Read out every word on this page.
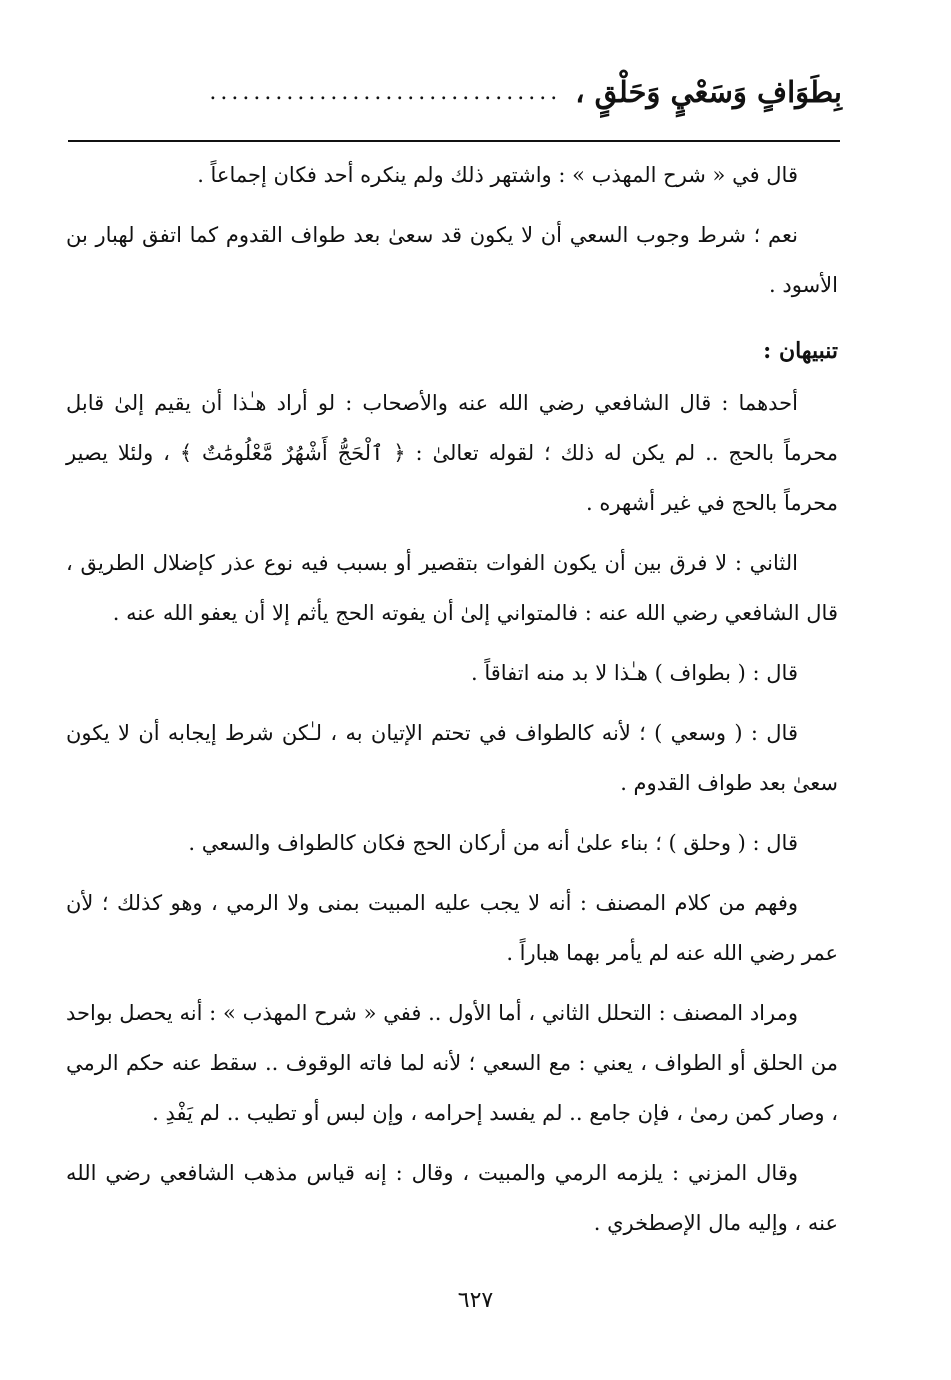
بِطَوَافٍ وَسَعْيٍ وَحَلْقٍ ،
................................

قال في « شرح المهذب » : واشتهر ذلك ولم ينكره أحد فكان إجماعاً .

نعم ؛ شرط وجوب السعي أن لا يكون قد سعىٰ بعد طواف القدوم كما اتفق لهبار بن الأسود .

تنبيهان :

أحدهما : قال الشافعي رضي الله عنه والأصحاب : لو أراد هـٰذا أن يقيم إلىٰ قابل محرماً بالحج .. لم يكن له ذلك ؛ لقوله تعالىٰ : ﴿ ٱلْحَجُّ أَشْهُرٌ مَّعْلُومَٰتٌ ﴾ ، ولئلا يصير محرماً بالحج في غير أشهره .

الثاني : لا فرق بين أن يكون الفوات بتقصير أو بسبب فيه نوع عذر كإضلال الطريق ، قال الشافعي رضي الله عنه : فالمتواني إلىٰ أن يفوته الحج يأثم إلا أن يعفو الله عنه .

قال : ( بطواف ) هـٰذا لا بد منه اتفاقاً .

قال : ( وسعي ) ؛ لأنه كالطواف في تحتم الإتيان به ، لـٰكن شرط إيجابه أن لا يكون سعىٰ بعد طواف القدوم .

قال : ( وحلق ) ؛ بناء علىٰ أنه من أركان الحج فكان كالطواف والسعي .

وفهم من كلام المصنف : أنه لا يجب عليه المبيت بمنى ولا الرمي ، وهو كذلك ؛ لأن عمر رضي الله عنه لم يأمر بهما هباراً .

ومراد المصنف : التحلل الثاني ، أما الأول .. ففي « شرح المهذب » : أنه يحصل بواحد من الحلق أو الطواف ، يعني : مع السعي ؛ لأنه لما فاته الوقوف .. سقط عنه حكم الرمي ، وصار كمن رمىٰ ، فإن جامع .. لم يفسد إحرامه ، وإن لبس أو تطيب .. لم يَفْدِ .

وقال المزني : يلزمه الرمي والمبيت ، وقال : إنه قياس مذهب الشافعي رضي الله عنه ، وإليه مال الإصطخري .

٦٢٧
